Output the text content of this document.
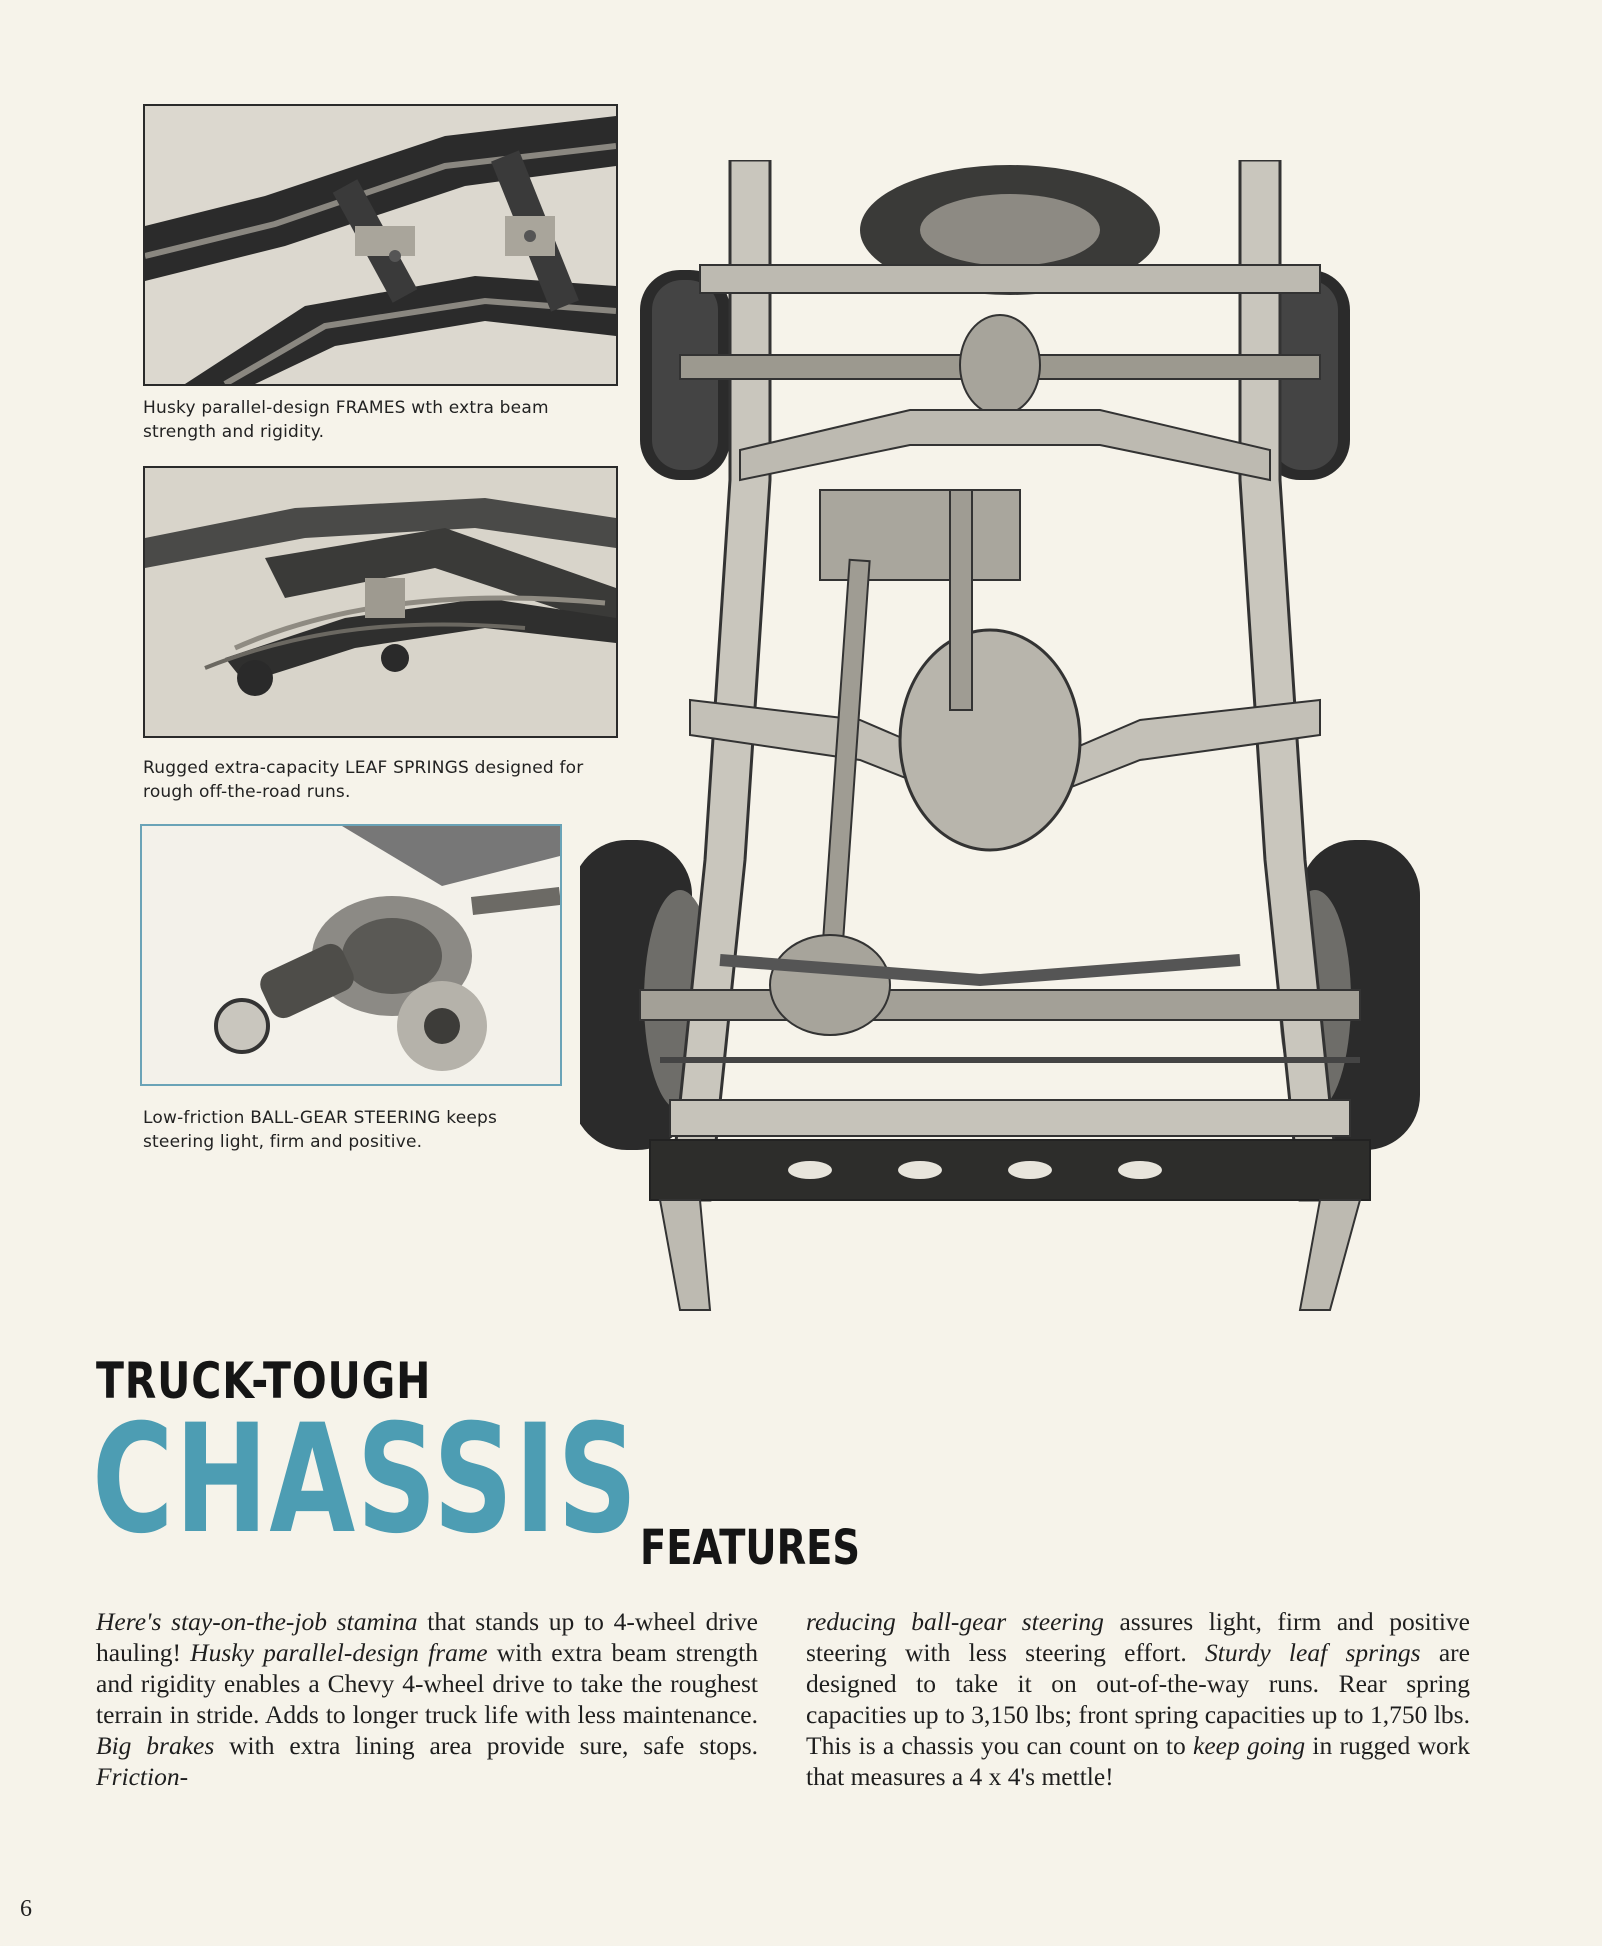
Husky parallel-design FRAMES wth extra beam strength and rigidity.
Rugged extra-capacity LEAF SPRINGS designed for rough off-the-road runs.
Low-friction BALL-GEAR STEERING keeps steering light, firm and positive.
TRUCK-TOUGH
CHASSIS FEATURES
Here's stay-on-the-job stamina that stands up to 4-wheel drive hauling! Husky parallel-design frame with extra beam strength and rigidity enables a Chevy 4-wheel drive to take the roughest terrain in stride. Adds to longer truck life with less maintenance. Big brakes with extra lining area provide sure, safe stops. Friction-
reducing ball-gear steering assures light, firm and positive steering with less steering effort. Sturdy leaf springs are designed to take it on out-of-the-way runs. Rear spring capacities up to 3,150 lbs; front spring capacities up to 1,750 lbs. This is a chassis you can count on to keep going in rugged work that measures a 4 x 4's mettle!
6
